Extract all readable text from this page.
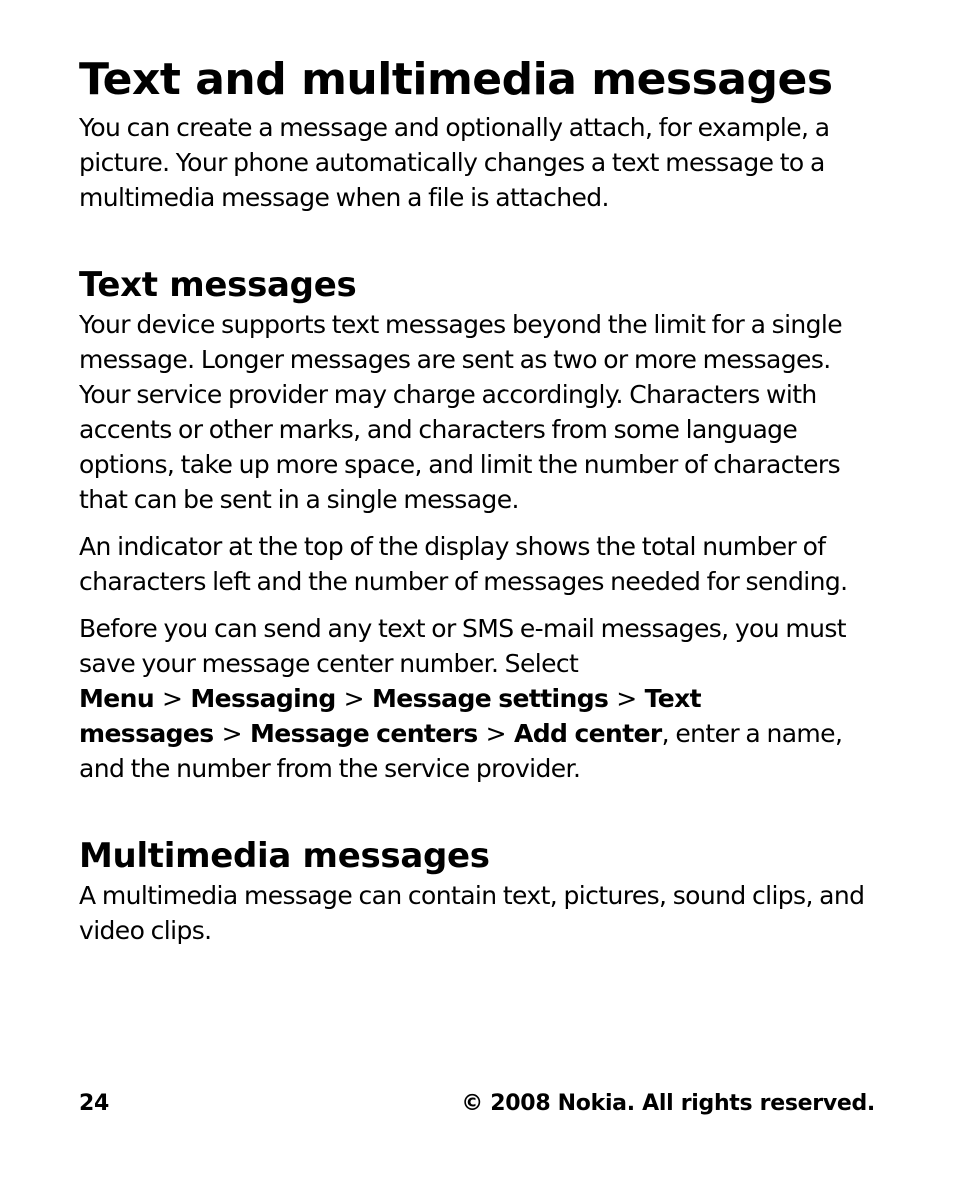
Text and multimedia messages

You can create a message and optionally attach, for example, a picture. Your phone automatically changes a text message to a multimedia message when a file is attached.

Text messages

Your device supports text messages beyond the limit for a single message. Longer messages are sent as two or more messages. Your service provider may charge accordingly. Characters with accents or other marks, and characters from some language options, take up more space, and limit the number of characters that can be sent in a single message.

An indicator at the top of the display shows the total number of characters left and the number of messages needed for sending.

Before you can send any text or SMS e-mail messages, you must save your message center number. Select Menu > Messaging > Message settings > Text messages > Message centers > Add center, enter a name, and the number from the service provider.

Multimedia messages

A multimedia message can contain text, pictures, sound clips, and video clips.

24	© 2008 Nokia. All rights reserved.
